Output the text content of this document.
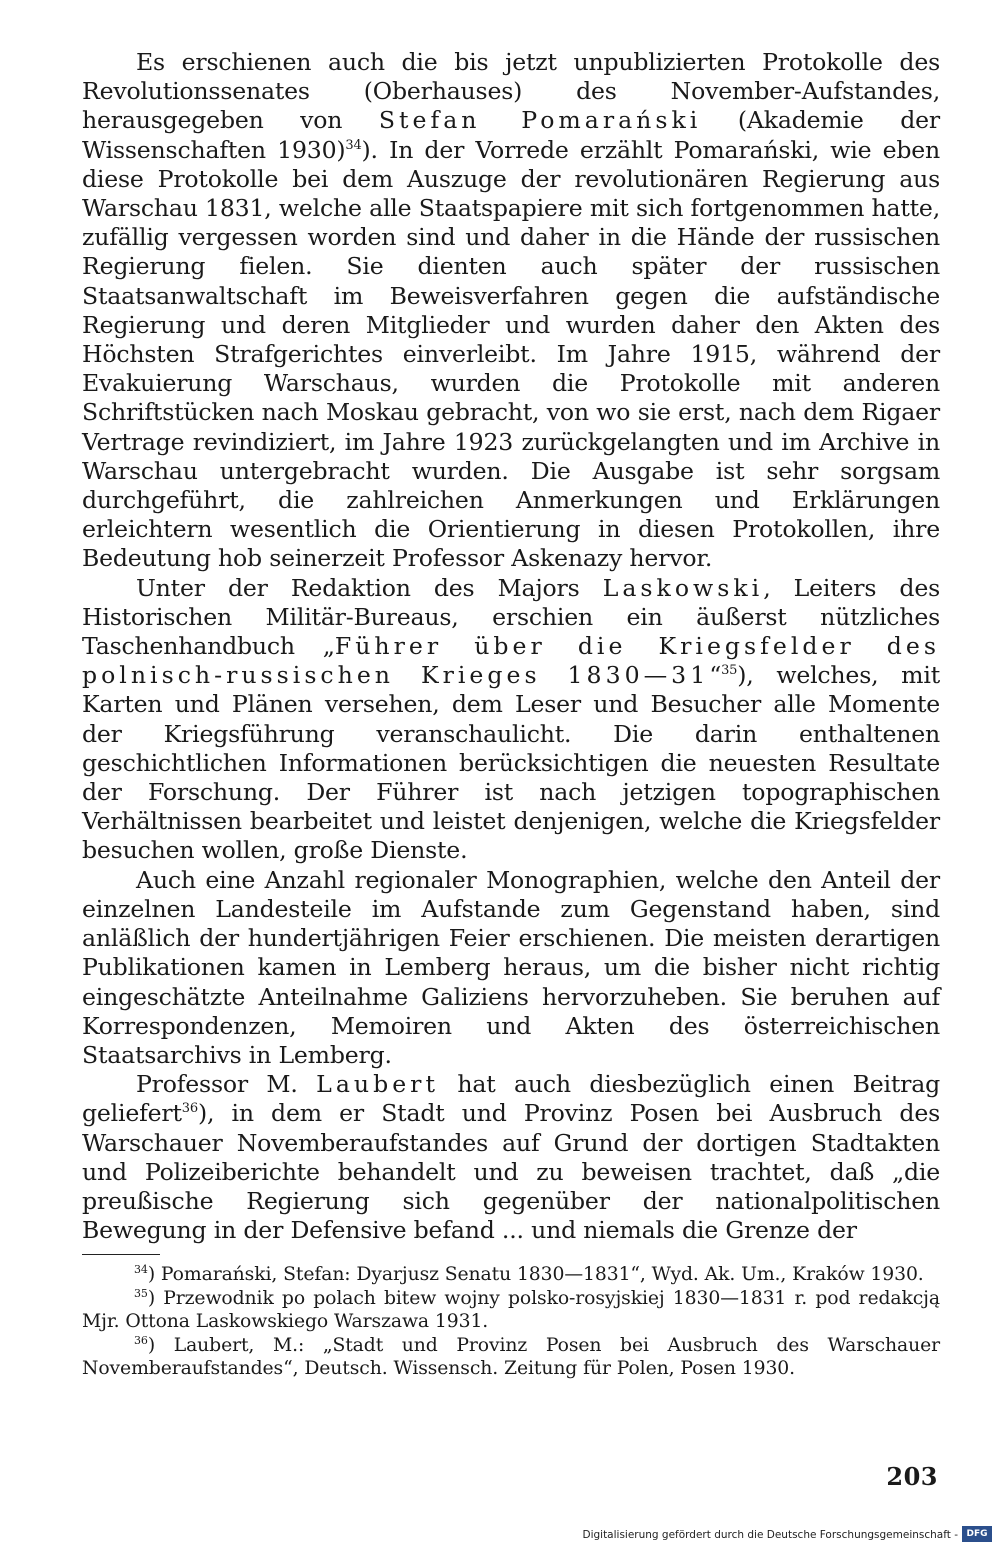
Es erschienen auch die bis jetzt unpublizierten Protokolle des Revolutionssenates (Oberhauses) des November-Aufstandes, herausgegeben von Stefan Pomarański (Akademie der Wissenschaften 1930)$^{34}$). In der Vorrede erzählt Pomarański, wie eben diese Protokolle bei dem Auszuge der revolutionären Regierung aus Warschau 1831, welche alle Staatspapiere mit sich fortgenommen hatte, zufällig vergessen worden sind und daher in die Hände der russischen Regierung fielen. Sie dienten auch später der russischen Staatsanwaltschaft im Beweisverfahren gegen die aufständische Regierung und deren Mitglieder und wurden daher den Akten des Höchsten Strafgerichtes einverleibt. Im Jahre 1915, während der Evakuierung Warschaus, wurden die Protokolle mit anderen Schriftstücken nach Moskau gebracht, von wo sie erst, nach dem Rigaer Vertrage revindiziert, im Jahre 1923 zurückgelangten und im Archive in Warschau untergebracht wurden. Die Ausgabe ist sehr sorgsam durchgeführt, die zahlreichen Anmerkungen und Erklärungen erleichtern wesentlich die Orientierung in diesen Protokollen, ihre Bedeutung hob seinerzeit Professor Askenazy hervor.

Unter der Redaktion des Majors Laskowski, Leiters des Historischen Militär-Bureaus, erschien ein äußerst nützliches Taschenhandbuch „Führer über die Kriegsfelder des polnisch-russischen Krieges 1830—31“$^{35}$), welches, mit Karten und Plänen versehen, dem Leser und Besucher alle Momente der Kriegsführung veranschaulicht. Die darin enthaltenen geschichtlichen Informationen berücksichtigen die neuesten Resultate der Forschung. Der Führer ist nach jetzigen topographischen Verhältnissen bearbeitet und leistet denjenigen, welche die Kriegsfelder besuchen wollen, große Dienste.

Auch eine Anzahl regionaler Monographien, welche den Anteil der einzelnen Landesteile im Aufstande zum Gegenstand haben, sind anläßlich der hundertjährigen Feier erschienen. Die meisten derartigen Publikationen kamen in Lemberg heraus, um die bisher nicht richtig eingeschätzte Anteilnahme Galiziens hervorzuheben. Sie beruhen auf Korrespondenzen, Memoiren und Akten des österreichischen Staatsarchivs in Lemberg.

Professor M. Laubert hat auch diesbezüglich einen Beitrag geliefert$^{36}$), in dem er Stadt und Provinz Posen bei Ausbruch des Warschauer Novemberaufstandes auf Grund der dortigen Stadtakten und Polizeiberichte behandelt und zu beweisen trachtet, daß „die preußische Regierung sich gegenüber der nationalpolitischen Bewegung in der Defensive befand ... und niemals die Grenze der

$^{34}$) Pomarański, Stefan: Dyarjusz Senatu 1830—1831“, Wyd. Ak. Um., Kraków 1930.

$^{35}$) Przewodnik po polach bitew wojny polsko-rosyjskiej 1830—1831 r. pod redakcją Mjr. Ottona Laskowskiego Warszawa 1931.

$^{36}$) Laubert, M.: „Stadt und Provinz Posen bei Ausbruch des Warschauer Novemberaufstandes“, Deutsch. Wissensch. Zeitung für Polen, Posen 1930.

203
Digitalisierung gefördert durch die Deutsche Forschungsgemeinschaft - DFG
